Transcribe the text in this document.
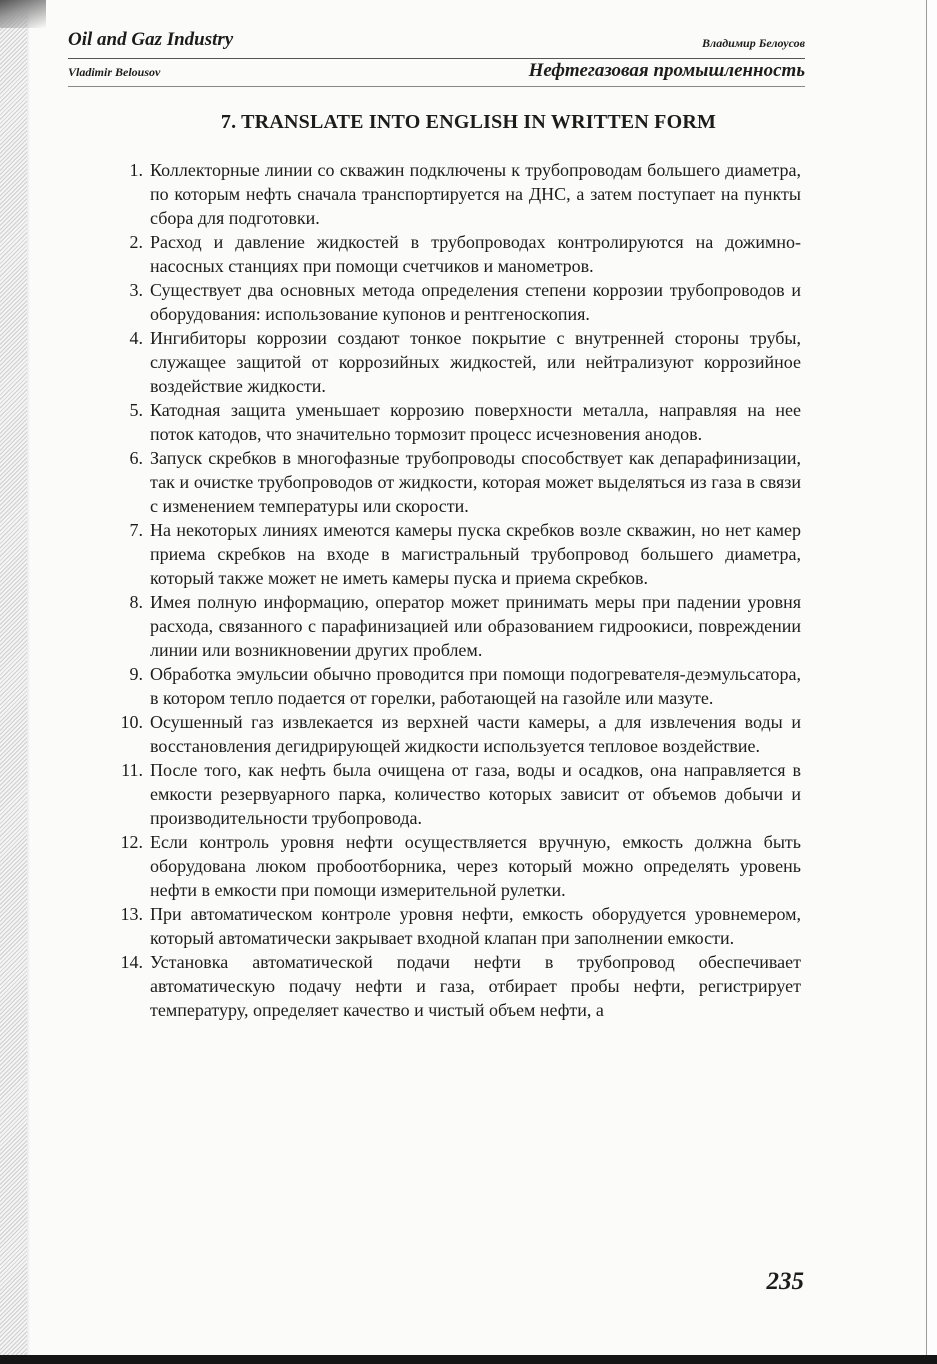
Oil and Gaz Industry	Владимир Белоусов
Vladimir Belousov	Нефтегазовая промышленность
7. TRANSLATE INTO ENGLISH IN WRITTEN FORM
1. Коллекторные линии со скважин подключены к трубопроводам большего диаметра, по которым нефть сначала транспортируется на ДНС, а затем поступает на пункты сбора для подготовки.
2. Расход и давление жидкостей в трубопроводах контролируются на дожимно-насосных станциях при помощи счетчиков и манометров.
3. Существует два основных метода определения степени коррозии трубопроводов и оборудования: использование купонов и рентгеноскопия.
4. Ингибиторы коррозии создают тонкое покрытие с внутренней стороны трубы, служащее защитой от коррозийных жидкостей, или нейтрализуют коррозийное воздействие жидкости.
5. Катодная защита уменьшает коррозию поверхности металла, направляя на нее поток катодов, что значительно тормозит процесс исчезновения анодов.
6. Запуск скребков в многофазные трубопроводы способствует как депарафинизации, так и очистке трубопроводов от жидкости, которая может выделяться из газа в связи с изменением температуры или скорости.
7. На некоторых линиях имеются камеры пуска скребков возле скважин, но нет камер приема скребков на входе в магистральный трубопровод большего диаметра, который также может не иметь камеры пуска и приема скребков.
8. Имея полную информацию, оператор может принимать меры при падении уровня расхода, связанного с парафинизацией или образованием гидроокиси, повреждении линии или возникновении других проблем.
9. Обработка эмульсии обычно проводится при помощи подогревателя-деэмульсатора, в котором тепло подается от горелки, работающей на газойле или мазуте.
10. Осушенный газ извлекается из верхней части камеры, а для извлечения воды и восстановления дегидрирующей жидкости используется тепловое воздействие.
11. После того, как нефть была очищена от газа, воды и осадков, она направляется в емкости резервуарного парка, количество которых зависит от объемов добычи и производительности трубопровода.
12. Если контроль уровня нефти осуществляется вручную, емкость должна быть оборудована люком пробоотборника, через который можно определять уровень нефти в емкости при помощи измерительной рулетки.
13. При автоматическом контроле уровня нефти, емкость оборудуется уровнемером, который автоматически закрывает входной клапан при заполнении емкости.
14. Установка автоматической подачи нефти в трубопровод обеспечивает автоматическую подачу нефти и газа, отбирает пробы нефти, регистрирует температуру, определяет качество и чистый объем нефти, а
235
